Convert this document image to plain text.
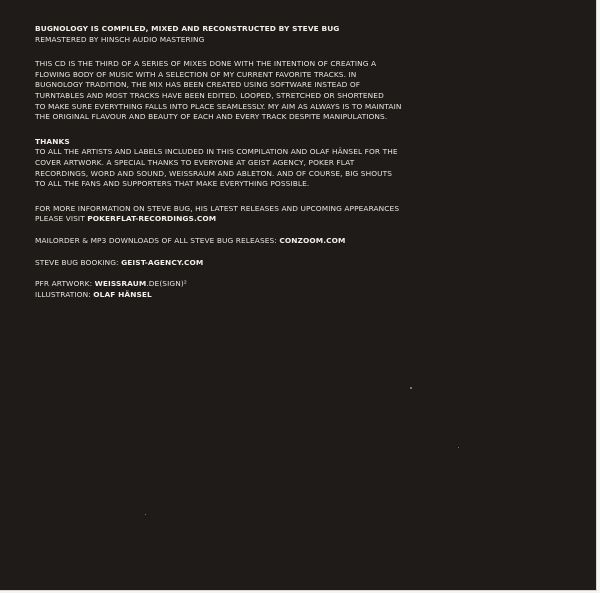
BUGNOLOGY IS COMPILED, MIXED AND RECONSTRUCTED BY STEVE BUG
REMASTERED BY HINSCH AUDIO MASTERING
THIS CD IS THE THIRD OF A SERIES OF MIXES DONE WITH THE INTENTION OF CREATING A
FLOWING BODY OF MUSIC WITH A SELECTION OF MY CURRENT FAVORITE TRACKS. IN
BUGNOLOGY TRADITION, THE MIX HAS BEEN CREATED USING SOFTWARE INSTEAD OF
TURNTABLES AND MOST TRACKS HAVE BEEN EDITED. LOOPED, STRETCHED OR SHORTENED
TO MAKE SURE EVERYTHING FALLS INTO PLACE SEAMLESSLY. MY AIM AS ALWAYS IS TO MAINTAIN
THE ORIGINAL FLAVOUR AND BEAUTY OF EACH AND EVERY TRACK DESPITE MANIPULATIONS.
THANKS
TO ALL THE ARTISTS AND LABELS INCLUDED IN THIS COMPILATION AND OLAF HÄNSEL FOR THE
COVER ARTWORK. A SPECIAL THANKS TO EVERYONE AT GEIST AGENCY, POKER FLAT
RECORDINGS, WORD AND SOUND, WEISSRAUM AND ABLETON. AND OF COURSE, BIG SHOUTS
TO ALL THE FANS AND SUPPORTERS THAT MAKE EVERYTHING POSSIBLE.
FOR MORE INFORMATION ON STEVE BUG, HIS LATEST RELEASES AND UPCOMING APPEARANCES
PLEASE VISIT POKERFLAT-RECORDINGS.COM
MAILORDER & MP3 DOWNLOADS OF ALL STEVE BUG RELEASES: CONZOOM.COM
STEVE BUG BOOKING: GEIST-AGENCY.COM
PFR ARTWORK: WEISSRAUM.DE(SIGN)²
ILLUSTRATION: OLAF HÄNSEL
